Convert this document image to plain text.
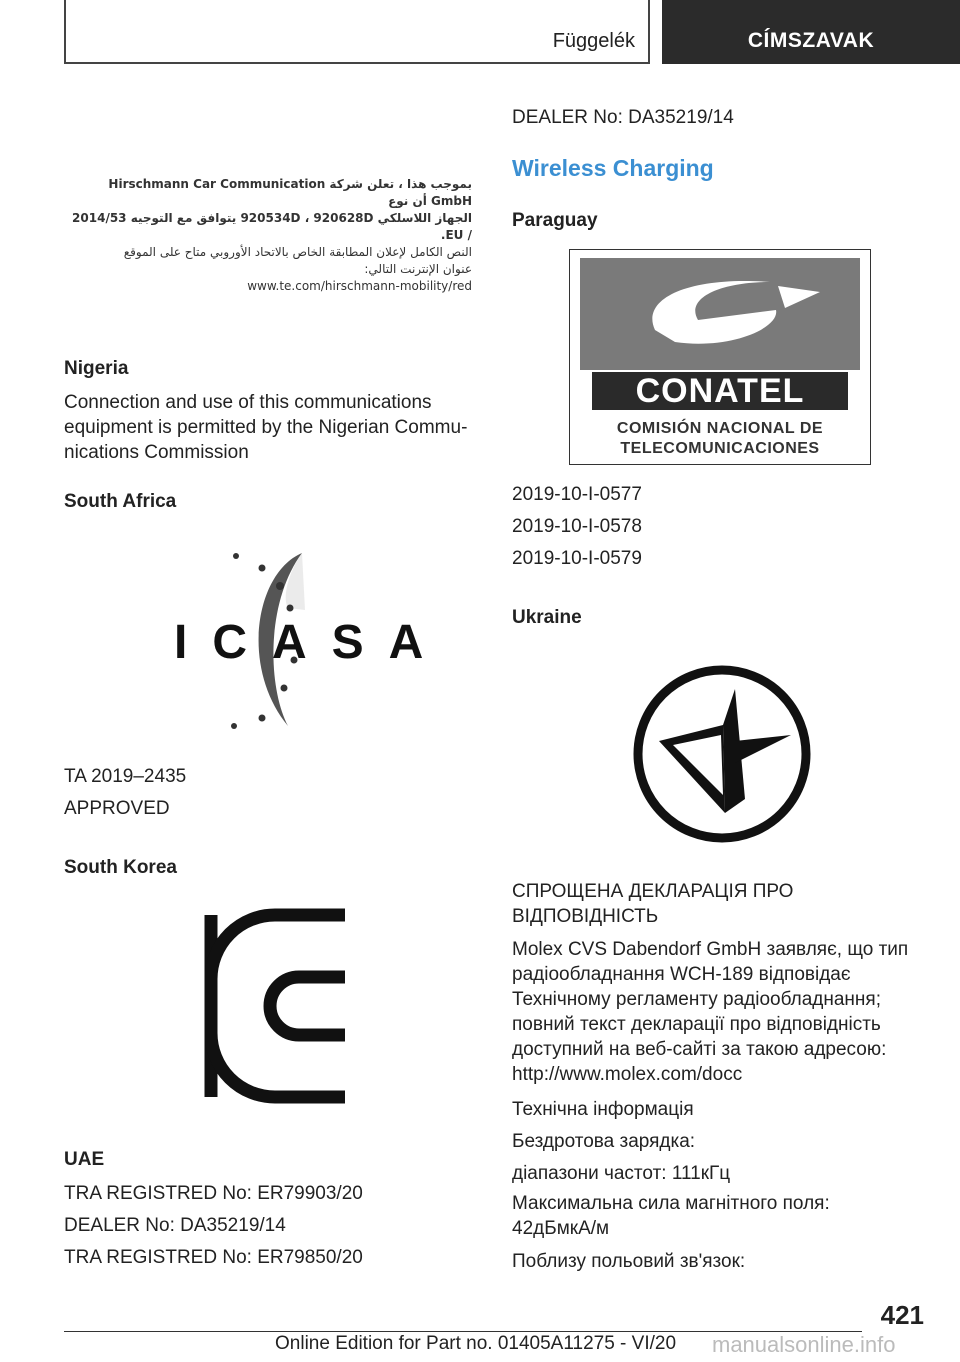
Függelék	CÍMSZAVAK
بموجب هذا ، تعلن شركة Hirschmann Car Communication GmbH أن نوع
الجهاز اللاسلكي 920534D ، 920628D يتوافق مع التوجيه 2014/53 / EU.
النص الكامل لإعلان المطابقة الخاص بالاتحاد الأوروبي متاح على الموقع
عنوان الإنترنت التالي:
www.te.com/hirschmann-mobility/red
Nigeria

Connection and use of this communications

equipment is permitted by the Nigerian Commu-

nications Commission

South Africa
ICASA
TA 2019–2435
APPROVED
South Korea
UAE
TRA REGISTRED No: ER79903/20
DEALER No: DA35219/14
TRA REGISTRED No: ER79850/20
DEALER No: DA35219/14
Wireless Charging
Paraguay
CONATEL
COMISIÓN NACIONAL DE
TELECOMUNICACIONES
2019-10-I-0577
2019-10-I-0578
2019-10-I-0579
Ukraine

СПРОЩЕНА ДЕКЛАРАЦІЯ ПРО

ВІДПОВІДНІСТЬ

Molex CVS Dabendorf GmbH заявляє, що тип

радіообладнання WCH-189 відповідає

Технічному регламенту радіообладнання;

повний текст декларації про відповідність

доступний на веб-сайті за такою адресою:

http://www.molex.com/docc

Технічна інформація
Бездротова зарядка:
діапазони частот: 111кГц

Максимальна сила магнітного поля:

42дБмкА/м

Поблизу польовий зв'язок:
421
Online Edition for Part no. 01405A11275 - VI/20 manualsonline.info
